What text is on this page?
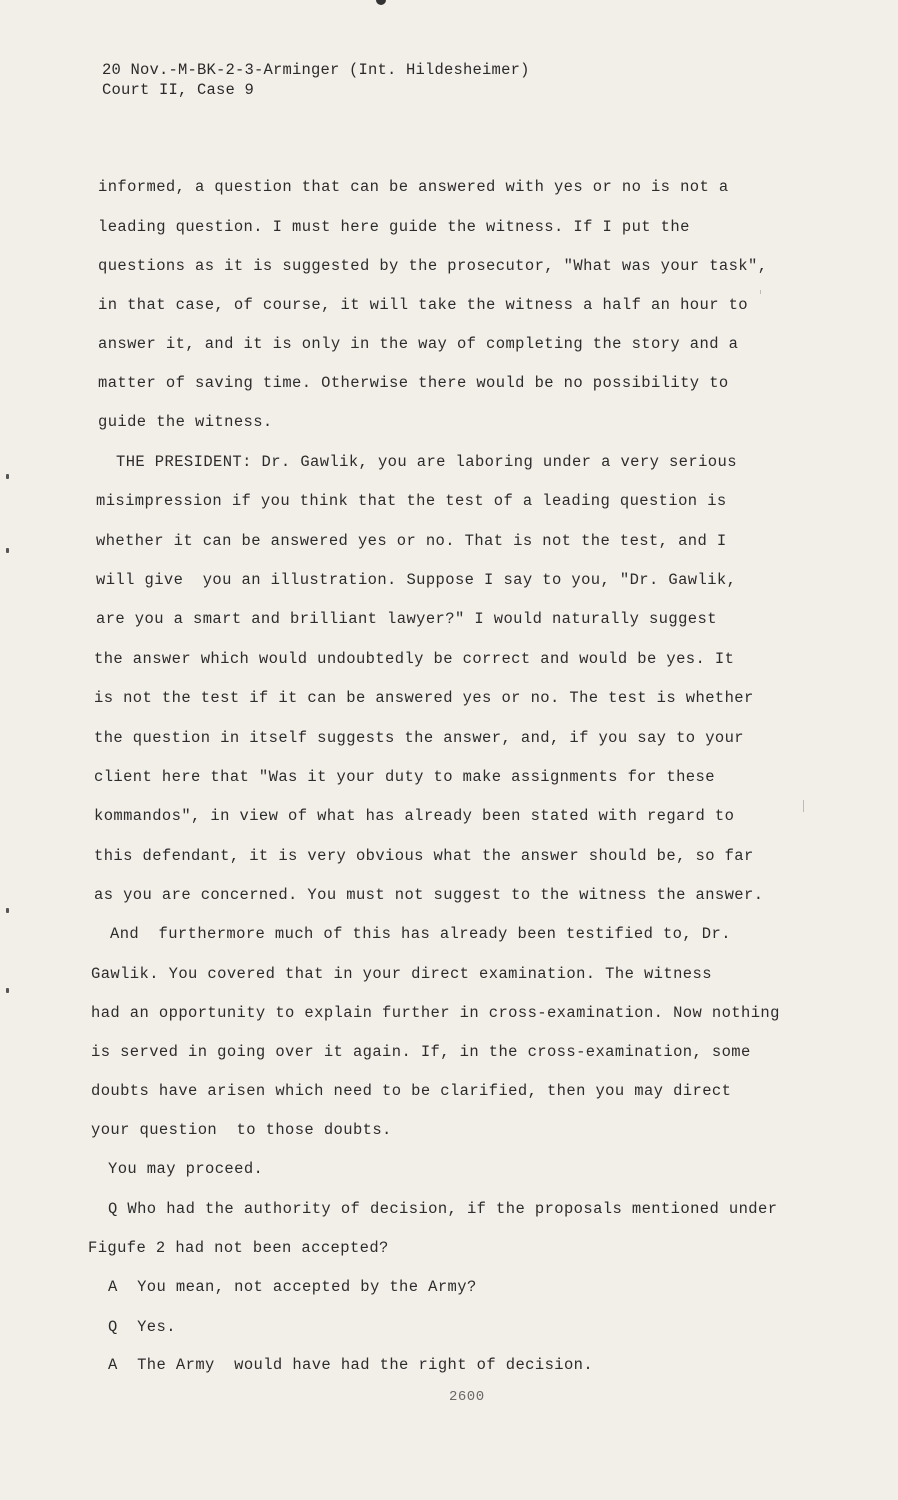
20 Nov.-M-BK-2-3-Arminger (Int. Hildesheimer)
Court II, Case 9
informed, a question that can be answered with yes or no is not a
leading question. I must here guide the witness. If I put the
questions as it is suggested by the prosecutor, "What was your task",
in that case, of course, it will take the witness a half an hour to
answer it, and it is only in the way of completing the story and a
matter of saving time. Otherwise there would be no possibility to
guide the witness.
THE PRESIDENT: Dr. Gawlik, you are laboring under a very serious
misimpression if you think that the test of a leading question is
whether it can be answered yes or no. That is not the test, and I
will give  you an illustration. Suppose I say to you, "Dr. Gawlik,
are you a smart and brilliant lawyer?" I would naturally suggest
the answer which would undoubtedly be correct and would be yes. It
is not the test if it can be answered yes or no. The test is whether
the question in itself suggests the answer, and, if you say to your
client here that "Was it your duty to make assignments for these
kommandos", in view of what has already been stated with regard to
this defendant, it is very obvious what the answer should be, so far
as you are concerned. You must not suggest to the witness the answer.
And  furthermore much of this has already been testified to, Dr.
Gawlik. You covered that in your direct examination. The witness
had an opportunity to explain further in cross-examination. Now nothing
is served in going over it again. If, in the cross-examination, some
doubts have arisen which need to be clarified, then you may direct
your question  to those doubts.
You may proceed.
Q Who had the authority of decision, if the proposals mentioned under
Figufe 2 had not been accepted?
A  You mean, not accepted by the Army?
Q  Yes.
A  The Army  would have had the right of decision.
2600
